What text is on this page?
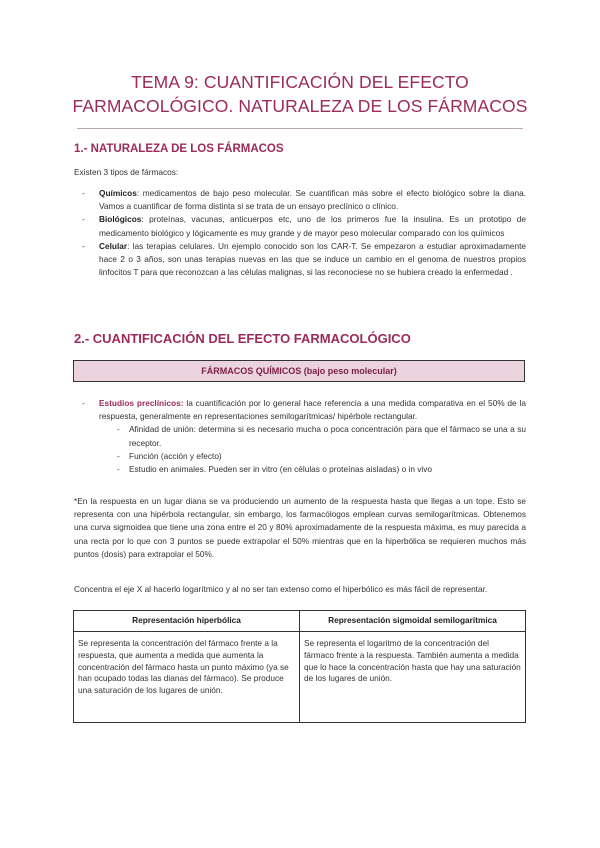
TEMA 9: CUANTIFICACIÓN DEL EFECTO
FARMACOLÓGICO. NATURALEZA DE LOS FÁRMACOS
1.- NATURALEZA DE LOS FÁRMACOS
Existen 3 tipos de fármacos:
- Químicos: medicamentos de bajo peso molecular. Se cuantifican más sobre el efecto biológico sobre la diana. Vamos a cuantificar de forma distinta si se trata de un ensayo preclínico o clínico.
- Biológicos: proteínas, vacunas, anticuerpos etc, uno de los primeros fue la insulina. Es un prototipo de medicamento biológico y lógicamente es muy grande y de mayor peso molecular comparado con los químicos
- Celular: las terapias celulares. Un ejemplo conocido son los CAR-T. Se empezaron a estudiar aproximadamente hace 2 o 3 años, son unas terapias nuevas en las que se induce un cambio en el genoma de nuestros propios linfocitos T para que reconozcan a las células malignas, si las reconociese no se hubiera creado la enfermedad .
2.- CUANTIFICACIÓN DEL EFECTO FARMACOLÓGICO
FÁRMACOS QUÍMICOS (bajo peso molecular)
- Estudios preclínicos: la cuantificación por lo general hace referencia a una medida comparativa en el 50% de la respuesta, generalmente en representaciones semilogarítmicas/ hipérbole rectangular.
- Afinidad de unión: determina si es necesario mucha o poca concentración para que el fármaco se una a su receptor.
- Función (acción y efecto)
- Estudio en animales. Pueden ser in vitro (en células o proteínas aisladas) o in vivo
*En la respuesta en un lugar diana se va produciendo un aumento de la respuesta hasta que llegas a un tope. Esto se representa con una hipérbola rectangular, sin embargo, los farmacólogos emplean curvas semilogarítmicas. Obtenemos una curva sigmoidea que tiene una zona entre el 20 y 80% aproximadamente de la respuesta máxima, es muy parecida a una recta por lo que con 3 puntos se puede extrapolar el 50% mientras que en la hiperbólica se requieren muchos más puntos (dosis) para extrapolar el 50%.
Concentra el eje X al hacerlo logarítmico y al no ser tan extenso como el hiperbólico es más fácil de representar.
Representación hiperbólica	Representación sigmoidal semilogarítmica
Se representa la concentración del fármaco frente a la respuesta, que aumenta a medida que aumenta la concentración del fármaco hasta un punto máximo (ya se han ocupado todas las dianas del fármaco). Se produce una saturación de los lugares de unión.	Se representa el logaritmo de la concentración del fármaco frente a la respuesta. También aumenta a medida que lo hace la concentración hasta que hay una saturación de los lugares de unión.
